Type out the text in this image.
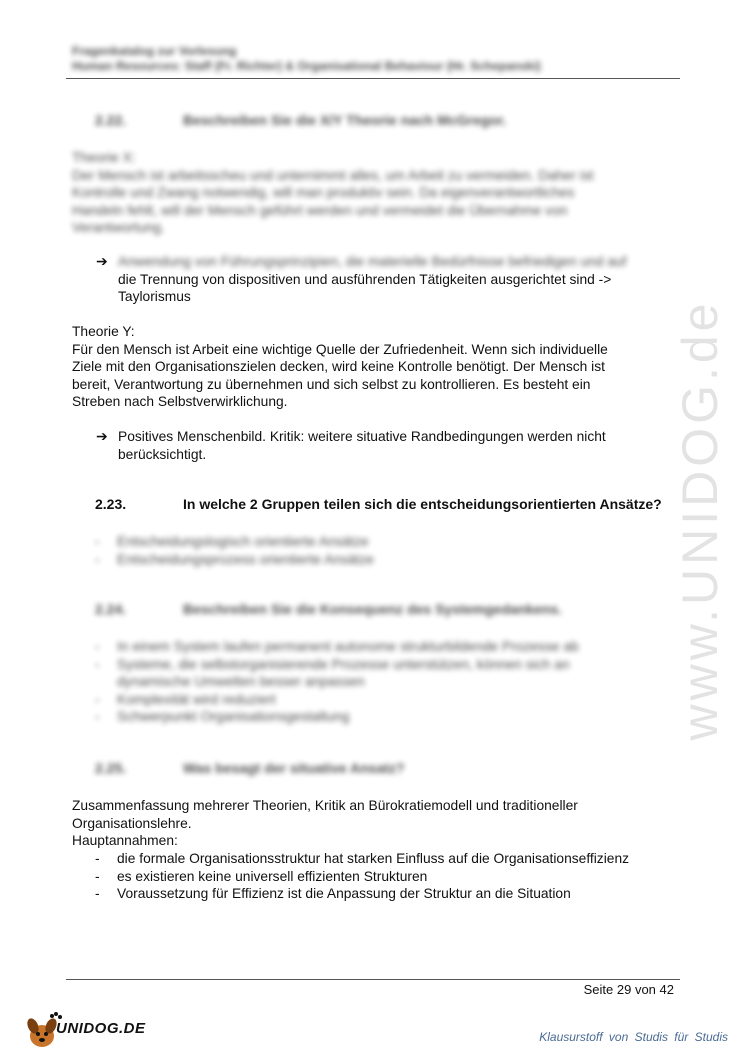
www.UNIDOG.de
Fragenkatalog zur Vorlesung
Human Resources: Staff (Fr. Richter) & Organisational Behaviour (Hr. Schepanski)
2.22.	Beschreiben Sie die X/Y Theorie nach McGregor.
Theorie X:
Der Mensch ist arbeitsscheu und unternimmt alles, um Arbeit zu vermeiden. Daher ist
Kontrolle und Zwang notwendig, will man produktiv sein. Da eigenverantwortliches
Handeln fehlt, will der Mensch geführt werden und vermeidet die Übernahme von
Verantwortung.
➔ Anwendung von Führungsprinzipien, die materielle Bedürfnisse befriedigen und auf
die Trennung von dispositiven und ausführenden Tätigkeiten ausgerichtet sind ->
Taylorismus
Theorie Y:
Für den Mensch ist Arbeit eine wichtige Quelle der Zufriedenheit. Wenn sich individuelle
Ziele mit den Organisationszielen decken, wird keine Kontrolle benötigt. Der Mensch ist
bereit, Verantwortung zu übernehmen und sich selbst zu kontrollieren. Es besteht ein
Streben nach Selbstverwirklichung.
➔ Positives Menschenbild. Kritik: weitere situative Randbedingungen werden nicht
berücksichtigt.
2.23.	In welche 2 Gruppen teilen sich die entscheidungsorientierten Ansätze?
- Entscheidungslogisch orientierte Ansätze
- Entscheidungsprozess orientierte Ansätze
2.24.	Beschreiben Sie die Konsequenz des Systemgedankens.
- In einem System laufen permanent autonome strukturbildende Prozesse ab
- Systeme, die selbstorganisierende Prozesse unterstützen, können sich an
dynamische Umwelten besser anpassen
- Komplexität wird reduziert
- Schwerpunkt Organisationsgestaltung
2.25.	Was besagt der situative Ansatz?
Zusammenfassung mehrerer Theorien, Kritik an Bürokratiemodell und traditioneller
Organisationslehre.
Hauptannahmen:
- die formale Organisationsstruktur hat starken Einfluss auf die Organisationseffizienz
- es existieren keine universell effizienten Strukturen
- Voraussetzung für Effizienz ist die Anpassung der Struktur an die Situation
Seite 29 von 42
UNIDOG.DE	Klausurstoff von Studis für Studis
